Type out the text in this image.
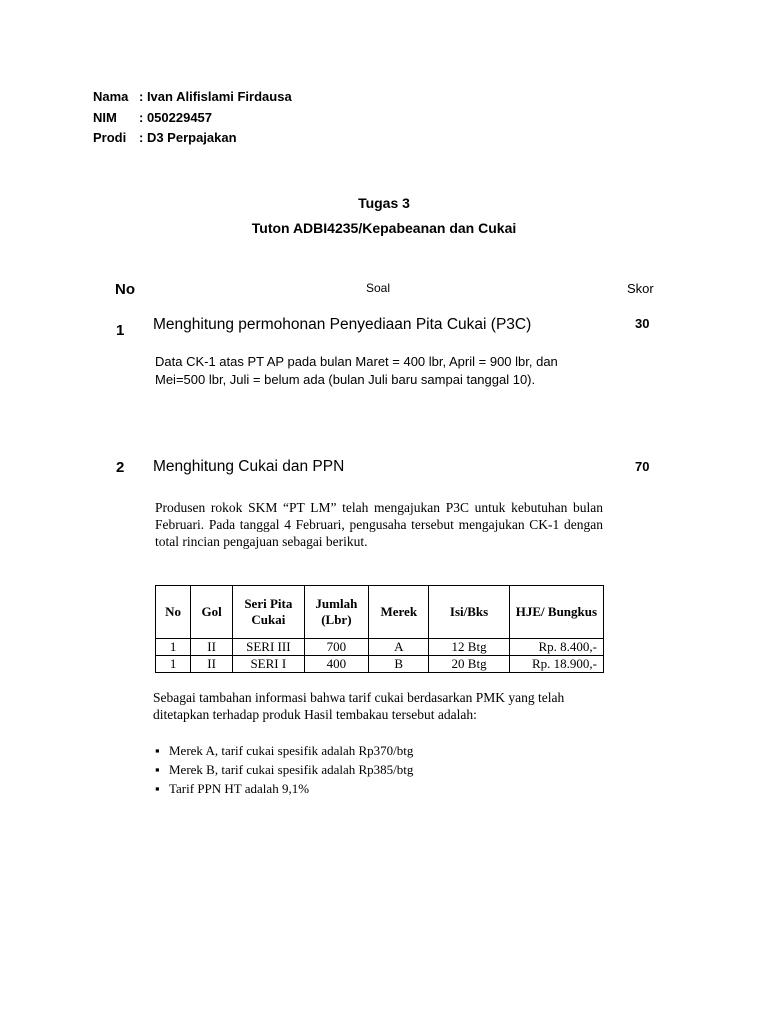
Nama : Ivan Alifislami Firdausa
NIM : 050229457
Prodi : D3 Perpajakan
Tugas 3
Tuton ADBI4235/Kepabeanan dan Cukai
No	Soal	Skor
1 Menghitung permohonan Penyediaan Pita Cukai (P3C)	30
Data CK-1 atas PT AP pada bulan Maret = 400 lbr, April = 900 lbr, dan
Mei=500 lbr, Juli = belum ada (bulan Juli baru sampai tanggal 10).
2 Menghitung Cukai dan PPN	70
Produsen rokok SKM “PT LM” telah mengajukan P3C untuk kebutuhan bulan Februari. Pada tanggal 4 Februari, pengusaha tersebut mengajukan CK-1 dengan total rincian pengajuan sebagai berikut.
No	Gol	Seri Pita Cukai	Jumlah (Lbr)	Merek	Isi/Bks	HJE/ Bungkus
1	II	SERI III	700	A	12 Btg	Rp. 8.400,-
1	II	SERI I	400	B	20 Btg	Rp. 18.900,-
Sebagai tambahan informasi bahwa tarif cukai berdasarkan PMK yang telah ditetapkan terhadap produk Hasil tembakau tersebut adalah:
▪ Merek A, tarif cukai spesifik adalah Rp370/btg
▪ Merek B, tarif cukai spesifik adalah Rp385/btg
▪ Tarif PPN HT adalah 9,1%
